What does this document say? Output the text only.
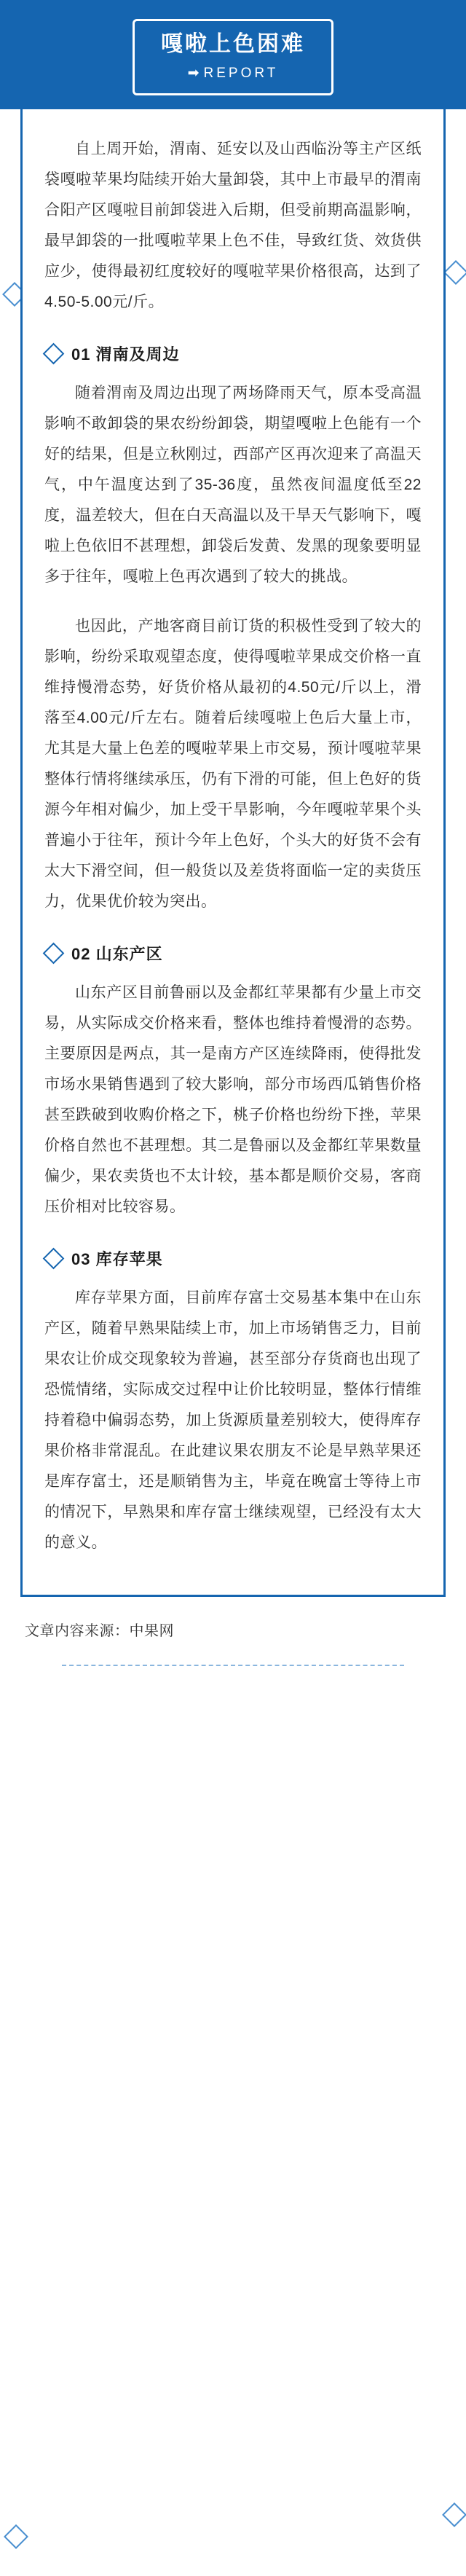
嘎啦上色困难
➡ REPORT

自上周开始，渭南、延安以及山西临汾等主产区纸袋嘎啦苹果均陆续开始大量卸袋，其中上市最早的渭南合阳产区嘎啦目前卸袋进入后期，但受前期高温影响，最早卸袋的一批嘎啦苹果上色不佳，导致红货、效货供应少，使得最初红度较好的嘎啦苹果价格很高，达到了4.50-5.00元/斤。

01 渭南及周边

随着渭南及周边出现了两场降雨天气，原本受高温影响不敢卸袋的果农纷纷卸袋，期望嘎啦上色能有一个好的结果，但是立秋刚过，西部产区再次迎来了高温天气，中午温度达到了35-36度，虽然夜间温度低至22度，温差较大，但在白天高温以及干旱天气影响下，嘎啦上色依旧不甚理想，卸袋后发黄、发黑的现象要明显多于往年，嘎啦上色再次遇到了较大的挑战。

也因此，产地客商目前订货的积极性受到了较大的影响，纷纷采取观望态度，使得嘎啦苹果成交价格一直维持慢滑态势，好货价格从最初的4.50元/斤以上，滑落至4.00元/斤左右。随着后续嘎啦上色后大量上市，尤其是大量上色差的嘎啦苹果上市交易，预计嘎啦苹果整体行情将继续承压，仍有下滑的可能，但上色好的货源今年相对偏少，加上受干旱影响，今年嘎啦苹果个头普遍小于往年，预计今年上色好，个头大的好货不会有太大下滑空间，但一般货以及差货将面临一定的卖货压力，优果优价较为突出。

02 山东产区

山东产区目前鲁丽以及金都红苹果都有少量上市交易，从实际成交价格来看，整体也维持着慢滑的态势。主要原因是两点，其一是南方产区连续降雨，使得批发市场水果销售遇到了较大影响，部分市场西瓜销售价格甚至跌破到收购价格之下，桃子价格也纷纷下挫，苹果价格自然也不甚理想。其二是鲁丽以及金都红苹果数量偏少，果农卖货也不太计较，基本都是顺价交易，客商压价相对比较容易。

03 库存苹果

库存苹果方面，目前库存富士交易基本集中在山东产区，随着早熟果陆续上市，加上市场销售乏力，目前果农让价成交现象较为普遍，甚至部分存货商也出现了恐慌情绪，实际成交过程中让价比较明显，整体行情维持着稳中偏弱态势，加上货源质量差别较大，使得库存果价格非常混乱。在此建议果农朋友不论是早熟苹果还是库存富士，还是顺销售为主，毕竟在晚富士等待上市的情况下，早熟果和库存富士继续观望，已经没有太大的意义。

文章内容来源：中果网
